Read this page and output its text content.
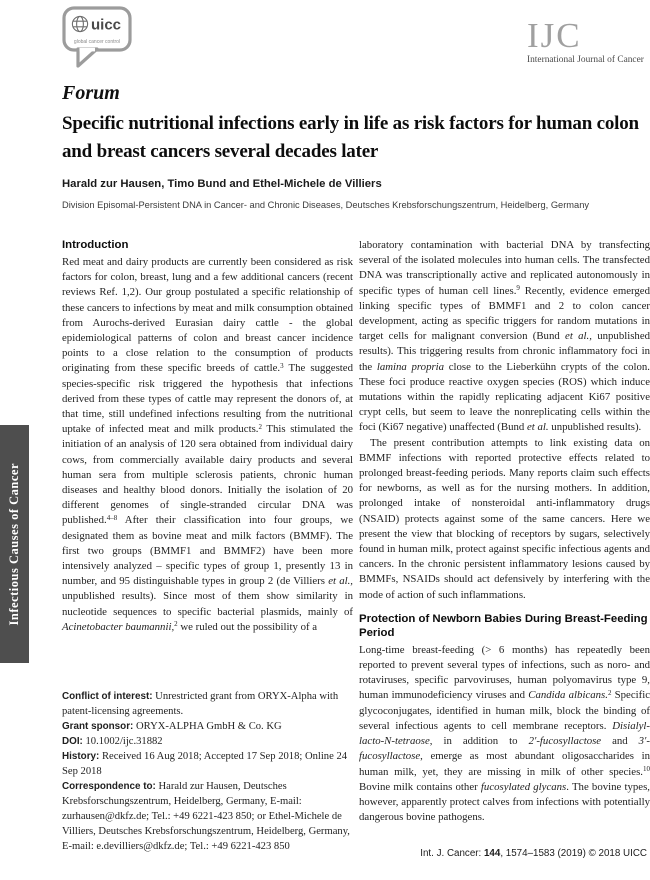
Infectious Causes of Cancer
uicc
global cancer control	IJC
International Journal of Cancer
Forum
Specific nutritional infections early in life as risk factors for human colon and breast cancers several decades later
Harald zur Hausen, Timo Bund and Ethel-Michele de Villiers
Division Episomal-Persistent DNA in Cancer- and Chronic Diseases, Deutsches Krebsforschungszentrum, Heidelberg, Germany
Introduction

Red meat and dairy products are currently been considered as risk factors for colon, breast, lung and a few additional cancers (recent reviews Ref. 1,2). Our group postulated a specific relationship of these cancers to infections by meat and milk consumption obtained from Aurochs-derived Eurasian dairy cattle - the global epidemiological patterns of colon and breast cancer incidence points to a close relation to the consumption of products originating from these specific breeds of cattle.$^3$ The suggested species-specific risk triggered the hypothesis that infections derived from these types of cattle may represent the donors of, at that time, still undefined infections resulting from the nutritional uptake of infected meat and milk products.$^2$ This stimulated the initiation of an analysis of 120 sera obtained from individual dairy cows, from commercially available dairy products and several human sera from multiple sclerosis patients, chronic human diseases and healthy blood donors. Initially the isolation of 20 different genomes of single-stranded circular DNA was published.$^{4-8}$ After their classification into four groups, we designated them as bovine meat and milk factors (BMMF). The first two groups (BMMF1 and BMMF2) have been more intensively analyzed – specific types of group 1, presently 13 in number, and 95 distinguishable types in group 2 (de Villiers et al., unpublished results). Since most of them show similarity in nucleotide sequences to specific bacterial plasmids, mainly of Acinetobacter baumannii,$^2$ we ruled out the possibility of a

laboratory contamination with bacterial DNA by transfecting several of the isolated molecules into human cells. The transfected DNA was transcriptionally active and replicated autonomously in specific types of human cell lines.$^9$ Recently, evidence emerged linking specific types of BMMF1 and 2 to colon cancer development, acting as specific triggers for random mutations in target cells for malignant conversion (Bund et al., unpublished results). This triggering results from chronic inflammatory foci in the lamina propria close to the Lieberkühn crypts of the colon. These foci produce reactive oxygen species (ROS) which induce mutations within the rapidly replicating adjacent Ki67 positive crypt cells, but seem to leave the nonreplicating cells within the foci (Ki67 negative) unaffected (Bund et al. unpublished results).

The present contribution attempts to link existing data on BMMF infections with reported protective effects related to prolonged breast-feeding periods. Many reports claim such effects for newborns, as well as for the nursing mothers. In addition, prolonged intake of nonsteroidal anti-inflammatory drugs (NSAID) protects against some of the same cancers. Here we present the view that blocking of receptors by sugars, selectively found in human milk, protect against specific infectious agents and cancers. In the chronic persistent inflammatory lesions caused by BMMFs, NSAIDs should act defensively by interfering with the mode of action of such inflammations.

Protection of Newborn Babies During Breast-Feeding Period

Long-time breast-feeding (> 6 months) has repeatedly been reported to prevent several types of infections, such as noro- and rotaviruses, specific parvoviruses, human polyomavirus type 9, human immunodeficiency viruses and Candida albicans.$^2$ Specific glycoconjugates, identified in human milk, block the binding of several infectious agents to cell membrane receptors. Disialyl-lacto-N-tetraose, in addition to 2′-fucosyllactose and 3′-fucosyllactose, emerge as most abundant oligosaccharides in human milk, yet, they are missing in milk of other species.$^{10}$ Bovine milk contains other fucosylated glycans. The bovine types, however, apparently protect calves from infections with potentially dangerous bovine pathogens.

Conflict of interest: Unrestricted grant from ORYX-Alpha with patent-licensing agreements.

Grant sponsor: ORYX-ALPHA GmbH & Co. KG

DOI: 10.1002/ijc.31882

History: Received 16 Aug 2018; Accepted 17 Sep 2018; Online 24 Sep 2018

Correspondence to: Harald zur Hausen, Deutsches Krebsforschungszentrum, Heidelberg, Germany, E-mail: zurhausen@dkfz.de; Tel.: +49 6221-423 850; or Ethel-Michele de Villiers, Deutsches Krebsforschungszentrum, Heidelberg, Germany, E-mail: e.devilliers@dkfz.de; Tel.: +49 6221-423 850

Int. J. Cancer: 144, 1574–1583 (2019) © 2018 UICC
